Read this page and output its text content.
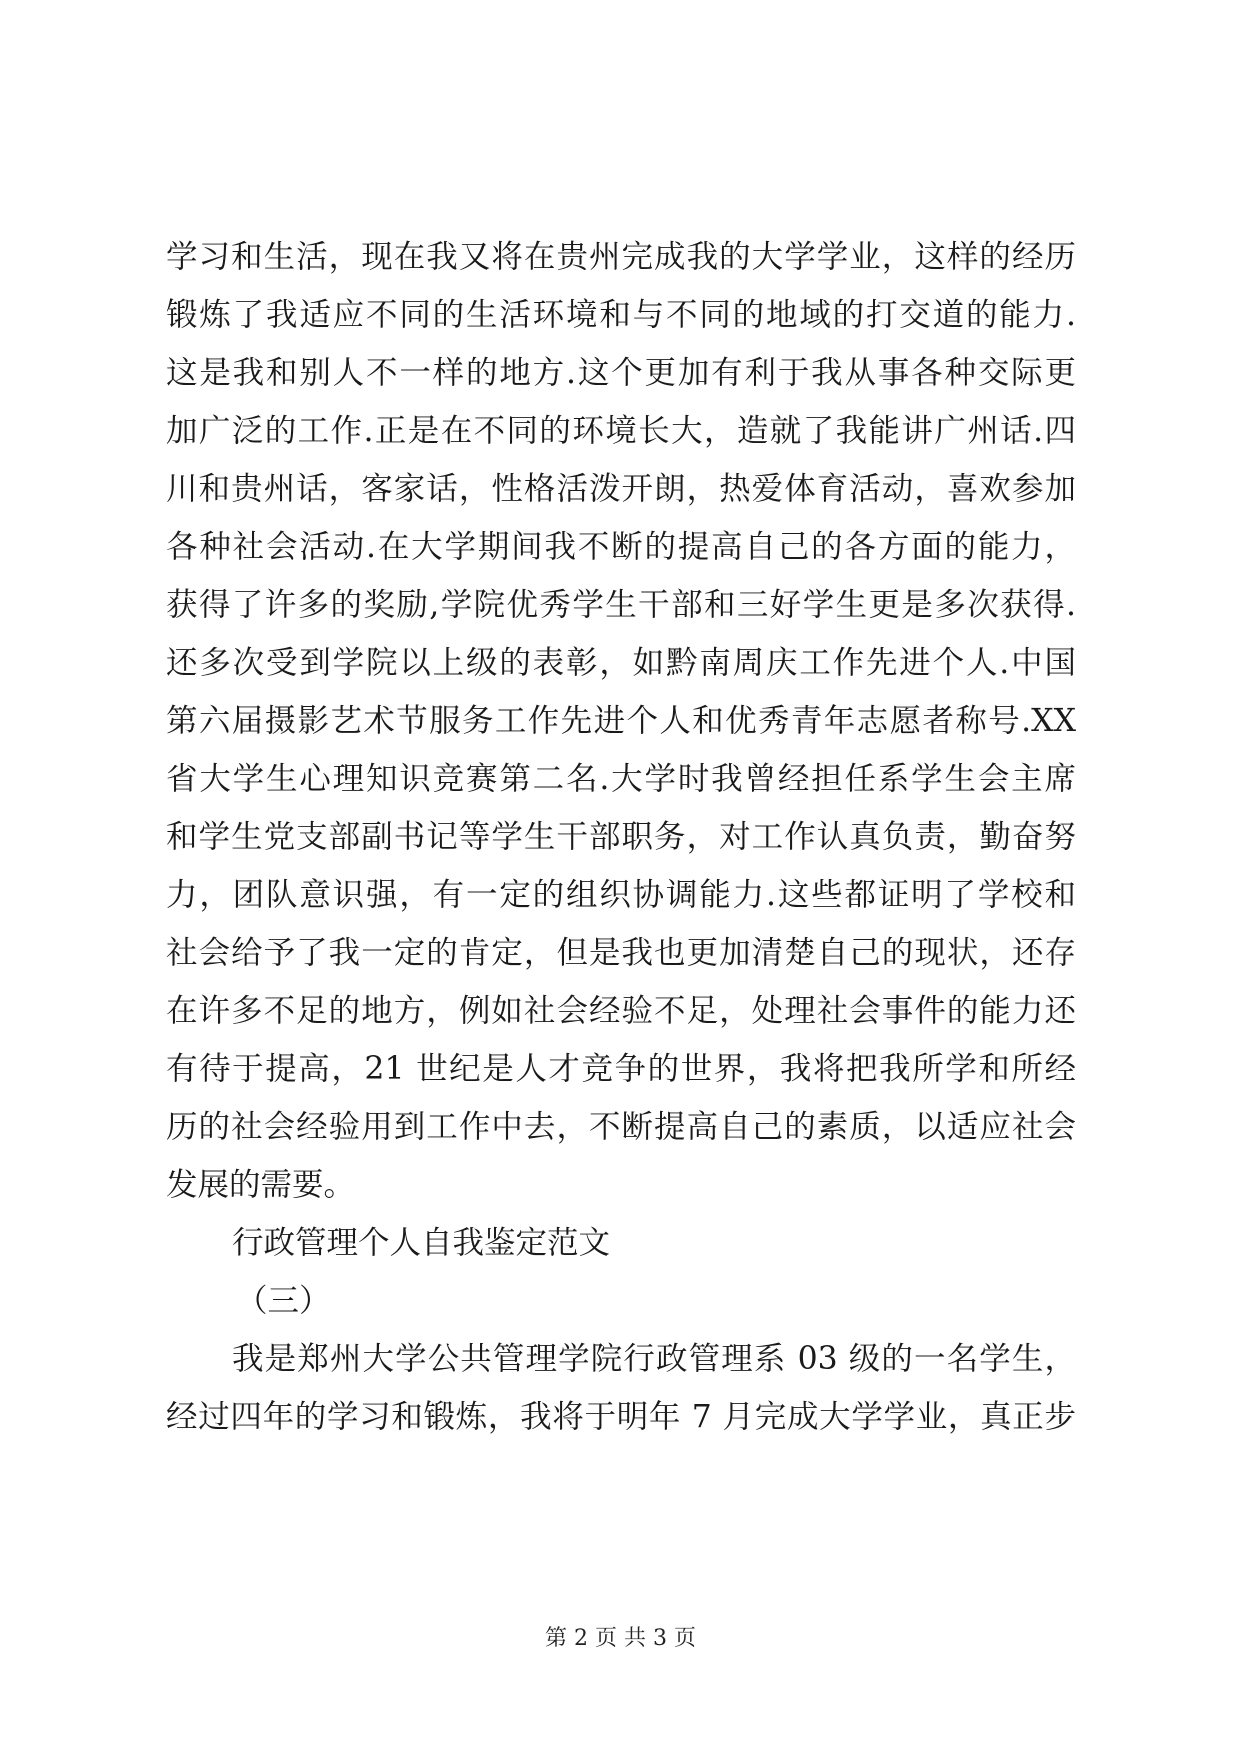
学习和生活，现在我又将在贵州完成我的大学学业，这样的经历
锻炼了我适应不同的生活环境和与不同的地域的打交道的能力.
这是我和别人不一样的地方.这个更加有利于我从事各种交际更
加广泛的工作.正是在不同的环境长大，造就了我能讲广州话.四
川和贵州话，客家话，性格活泼开朗，热爱体育活动，喜欢参加
各种社会活动.在大学期间我不断的提高自己的各方面的能力，
获得了许多的奖励,学院优秀学生干部和三好学生更是多次获得.
还多次受到学院以上级的表彰，如黔南周庆工作先进个人.中国
第六届摄影艺术节服务工作先进个人和优秀青年志愿者称号.XX
省大学生心理知识竞赛第二名.大学时我曾经担任系学生会主席
和学生党支部副书记等学生干部职务，对工作认真负责，勤奋努
力，团队意识强，有一定的组织协调能力.这些都证明了学校和
社会给予了我一定的肯定，但是我也更加清楚自己的现状，还存
在许多不足的地方，例如社会经验不足，处理社会事件的能力还
有待于提高，21 世纪是人才竞争的世界，我将把我所学和所经
历的社会经验用到工作中去，不断提高自己的素质，以适应社会
发展的需要。
行政管理个人自我鉴定范文
（三）
我是郑州大学公共管理学院行政管理系 03 级的一名学生，
经过四年的学习和锻炼，我将于明年 7 月完成大学学业，真正步
第 2 页 共 3 页
